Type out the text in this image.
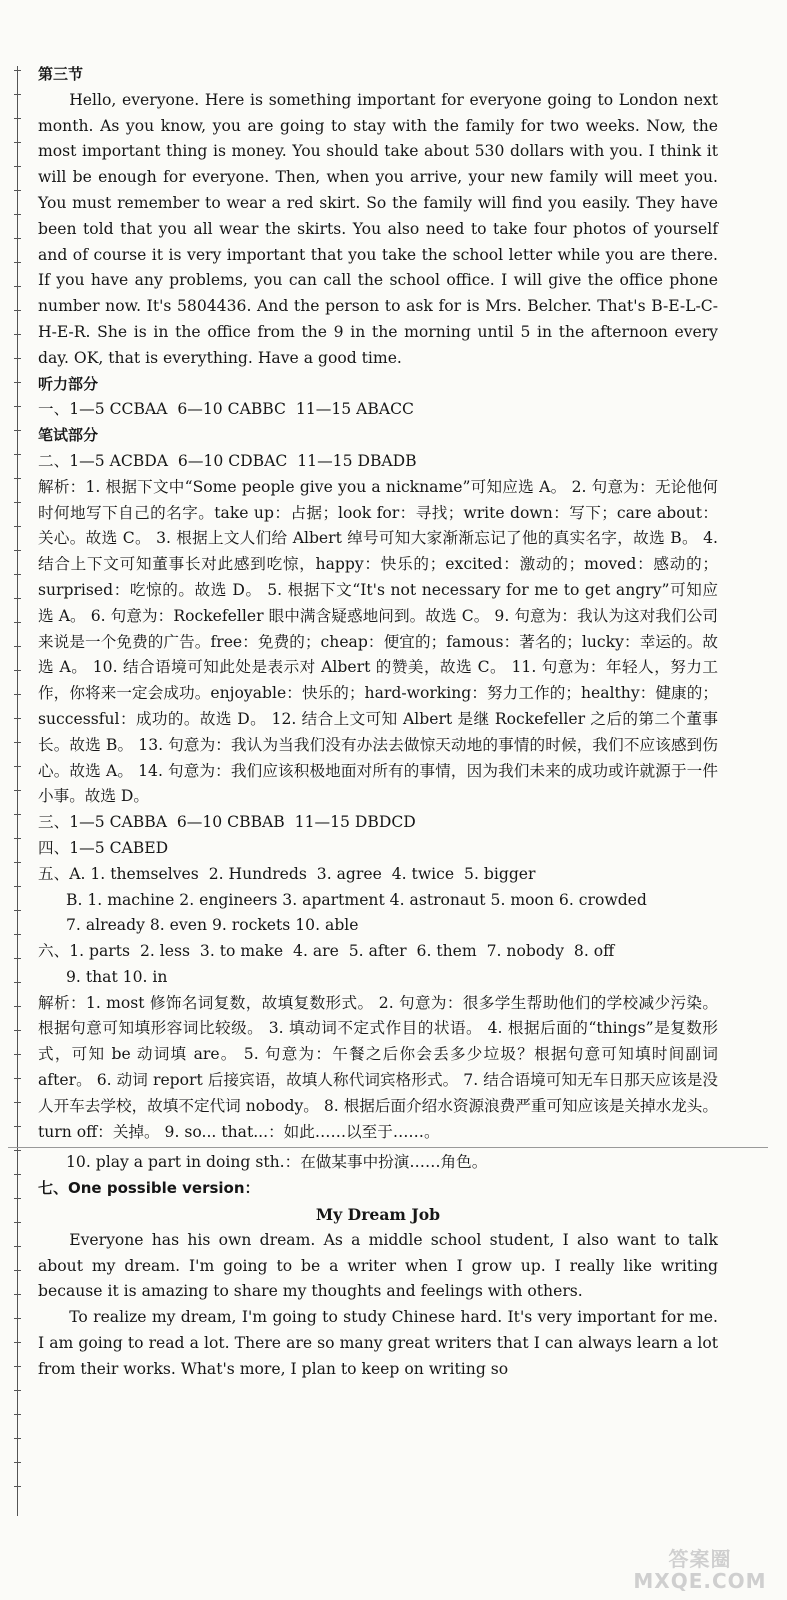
第三节

Hello, everyone. Here is something important for everyone going to London next month. As you know, you are going to stay with the family for two weeks. Now, the most important thing is money. You should take about 530 dollars with you. I think it will be enough for everyone. Then, when you arrive, your new family will meet you. You must remember to wear a red skirt. So the family will find you easily. They have been told that you all wear the skirts. You also need to take four photos of yourself and of course it is very important that you take the school letter while you are there. If you have any problems, you can call the school office. I will give the office phone number now. It's 5804436. And the person to ask for is Mrs. Belcher. That's B-E-L-C-H-E-R. She is in the office from the 9 in the morning until 5 in the afternoon every day. OK, that is everything. Have a good time.

听力部分

一、1—5 CCBAA  6—10 CABBC  11—15 ABACC

笔试部分

二、1—5 ACBDA  6—10 CDBAC  11—15 DBADB

解析：1. 根据下文中“Some people give you a nickname”可知应选 A。 2. 句意为：无论他何时何地写下自己的名字。take up：占据；look for：寻找；write down：写下；care about：关心。故选 C。 3. 根据上文人们给 Albert 绰号可知大家渐渐忘记了他的真实名字，故选 B。 4. 结合上下文可知董事长对此感到吃惊，happy：快乐的；excited：激动的；moved：感动的；surprised：吃惊的。故选 D。 5. 根据下文“It's not necessary for me to get angry”可知应选 A。 6. 句意为：Rockefeller 眼中满含疑惑地问到。故选 C。 9. 句意为：我认为这对我们公司来说是一个免费的广告。free：免费的；cheap：便宜的；famous：著名的；lucky：幸运的。故选 A。 10. 结合语境可知此处是表示对 Albert 的赞美，故选 C。 11. 句意为：年轻人，努力工作，你将来一定会成功。enjoyable：快乐的；hard-working：努力工作的；healthy：健康的；successful：成功的。故选 D。 12. 结合上文可知 Albert 是继 Rockefeller 之后的第二个董事长。故选 B。 13. 句意为：我认为当我们没有办法去做惊天动地的事情的时候，我们不应该感到伤心。故选 A。 14. 句意为：我们应该积极地面对所有的事情，因为我们未来的成功或许就源于一件小事。故选 D。

三、1—5 CABBA  6—10 CBBAB  11—15 DBDCD

四、1—5 CABED

五、A. 1. themselves  2. Hundreds  3. agree  4. twice  5. bigger

B. 1. machine 2. engineers 3. apartment 4. astronaut 5. moon 6. crowded

7. already 8. even 9. rockets 10. able

六、1. parts  2. less  3. to make  4. are  5. after  6. them  7. nobody  8. off

9. that 10. in

解析：1. most 修饰名词复数，故填复数形式。 2. 句意为：很多学生帮助他们的学校减少污染。根据句意可知填形容词比较级。 3. 填动词不定式作目的状语。 4. 根据后面的“things”是复数形式，可知 be 动词填 are。 5. 句意为：午餐之后你会丢多少垃圾？根据句意可知填时间副词 after。 6. 动词 report 后接宾语，故填人称代词宾格形式。 7. 结合语境可知无车日那天应该是没人开车去学校，故填不定代词 nobody。 8. 根据后面介绍水资源浪费严重可知应该是关掉水龙头。turn off：关掉。 9. so... that...：如此……以至于……。

10. play a part in doing sth.：在做某事中扮演……角色。

七、One possible version：

My Dream Job

Everyone has his own dream. As a middle school student, I also want to talk about my dream. I'm going to be a writer when I grow up. I really like writing because it is amazing to share my thoughts and feelings with others.

To realize my dream, I'm going to study Chinese hard. It's very important for me. I am going to read a lot. There are so many great writers that I can always learn a lot from their works. What's more, I plan to keep on writing so

答案圈
MXQE.COM
